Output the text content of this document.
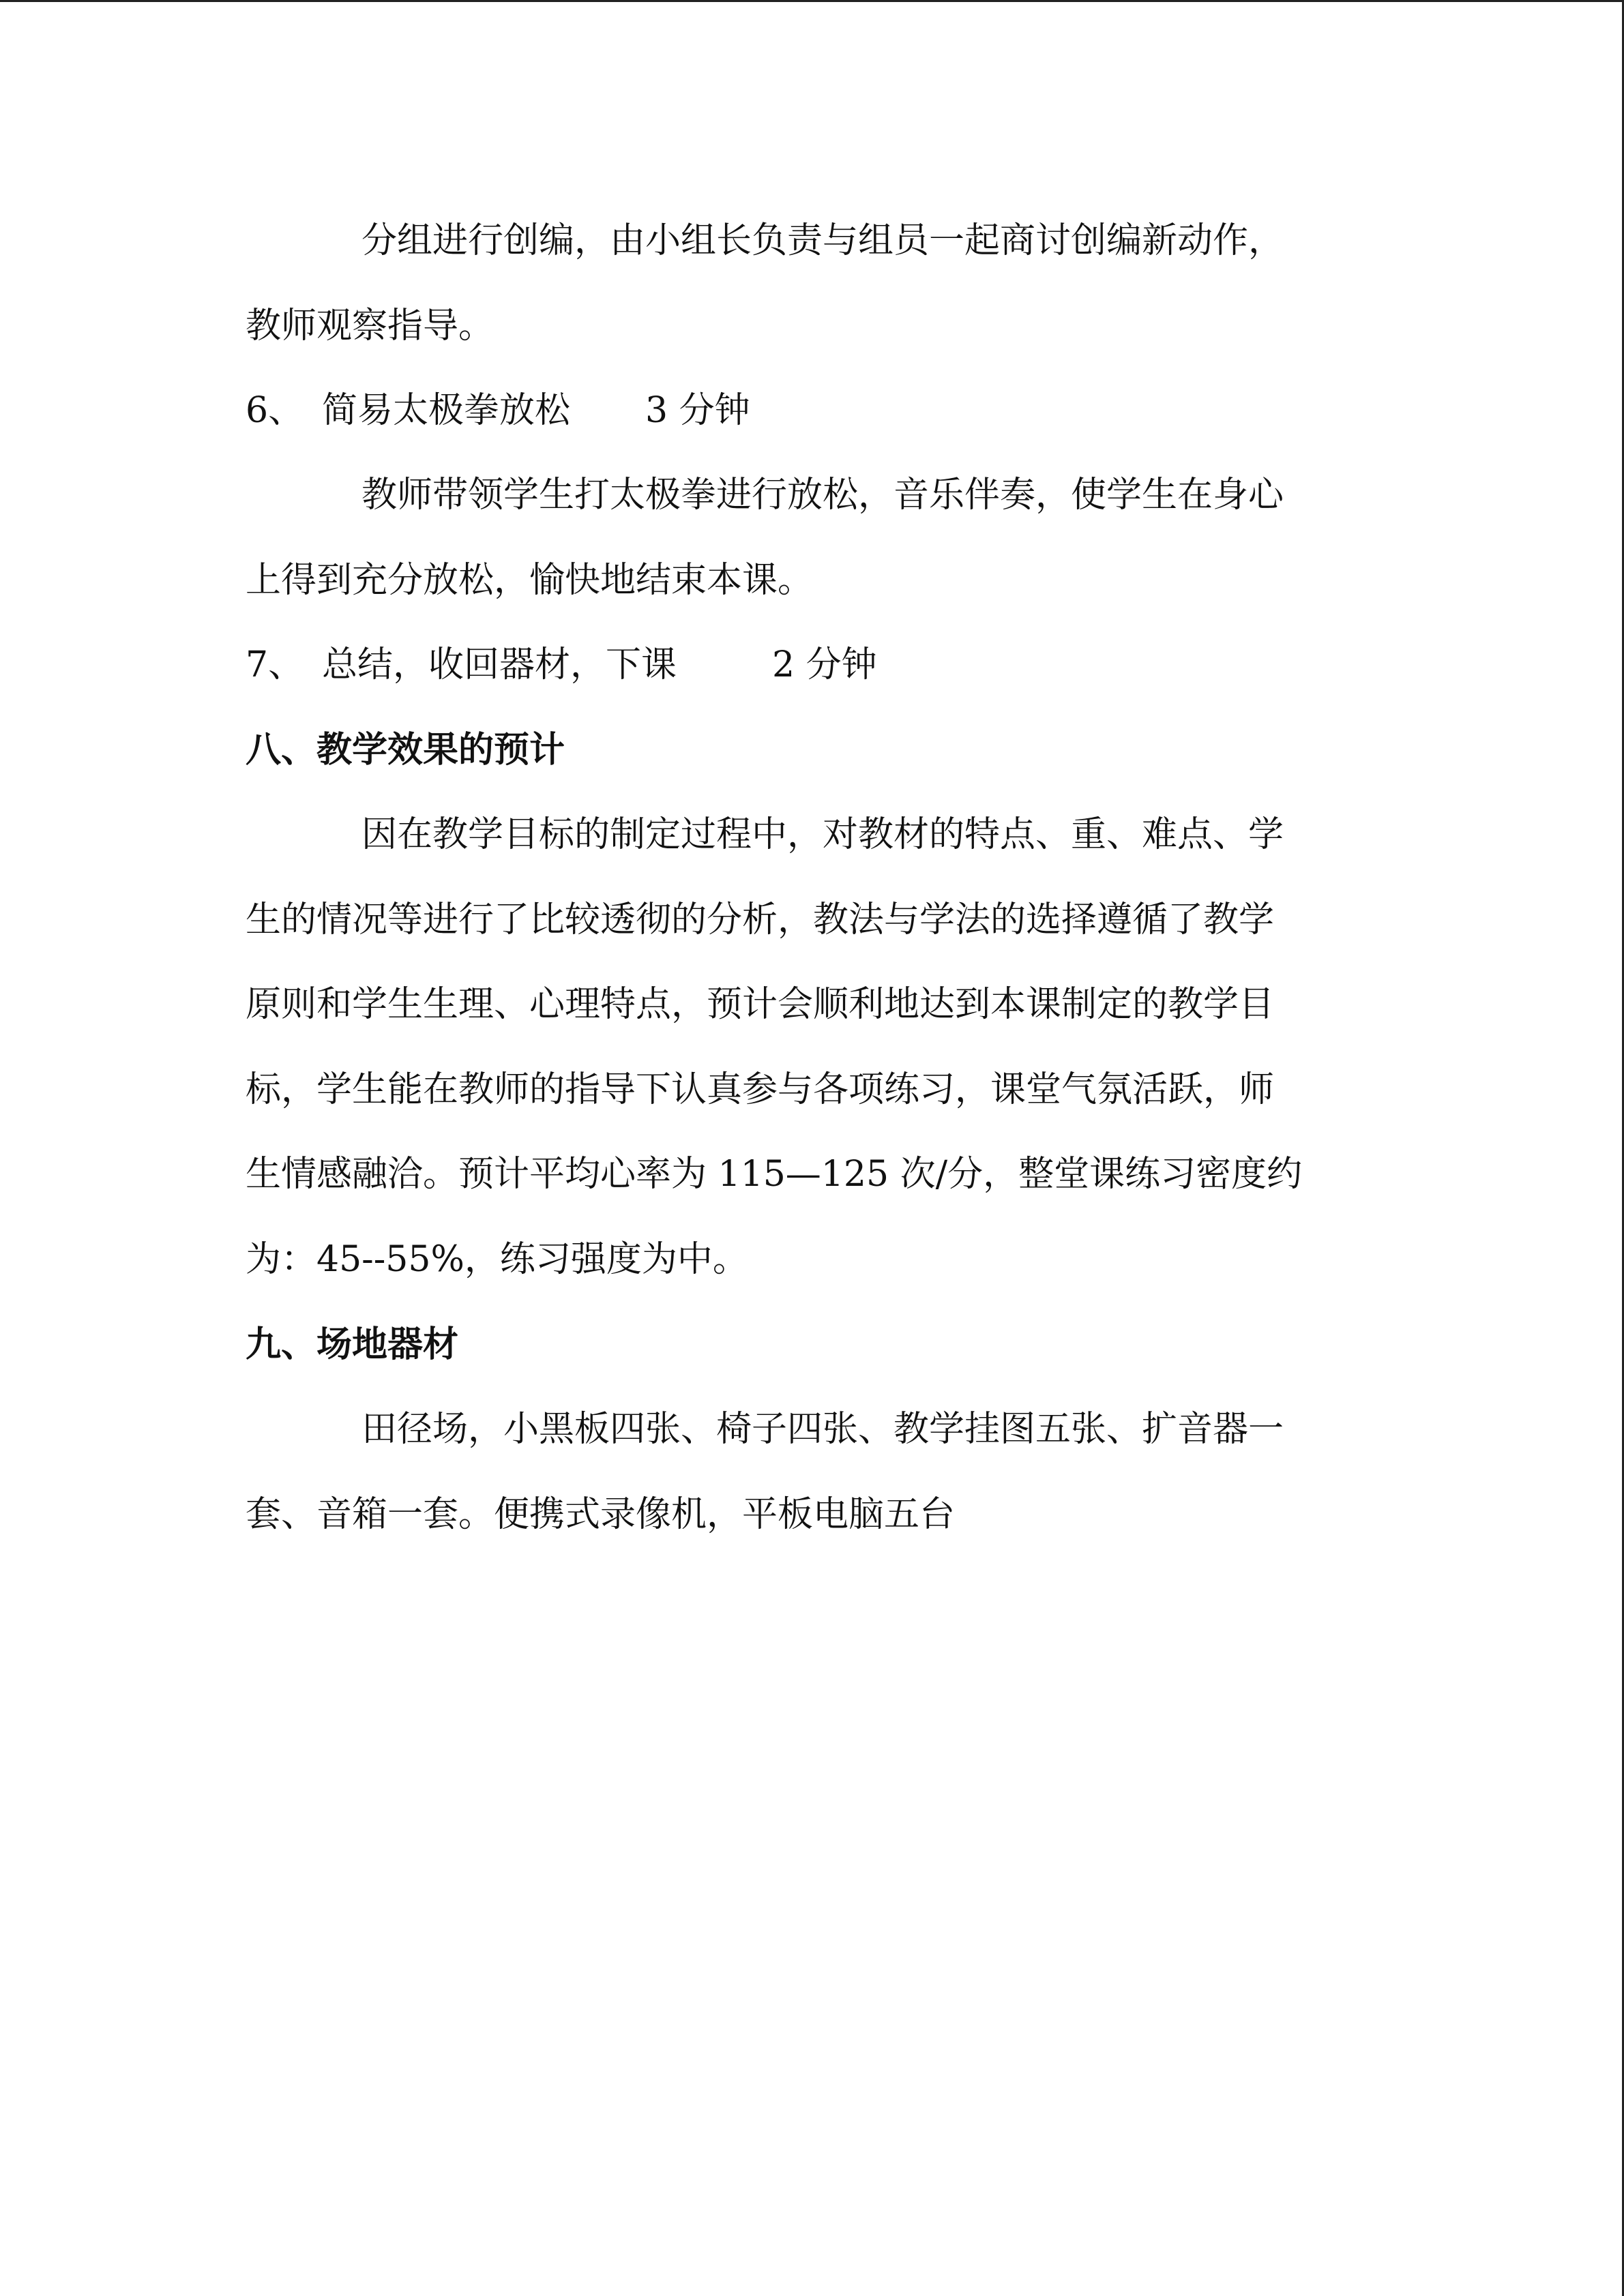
分组进行创编，由小组长负责与组员一起商讨创编新动作，
教师观察指导。
6、 简易太极拳放松 3 分钟
教师带领学生打太极拳进行放松，音乐伴奏，使学生在身心
上得到充分放松，愉快地结束本课。
7、 总结，收回器材，下课	2 分钟
八、教学效果的预计
因在教学目标的制定过程中，对教材的特点、重、难点、学
生的情况等进行了比较透彻的分析，教法与学法的选择遵循了教学
原则和学生生理、心理特点，预计会顺利地达到本课制定的教学目
标，学生能在教师的指导下认真参与各项练习，课堂气氛活跃，师
生情感融洽。预计平均心率为 115—125 次/分，整堂课练习密度约
为：45--55%，练习强度为中。
九、场地器材
田径场，小黑板四张、椅子四张、教学挂图五张、扩音器一
套、音箱一套。便携式录像机，平板电脑五台
